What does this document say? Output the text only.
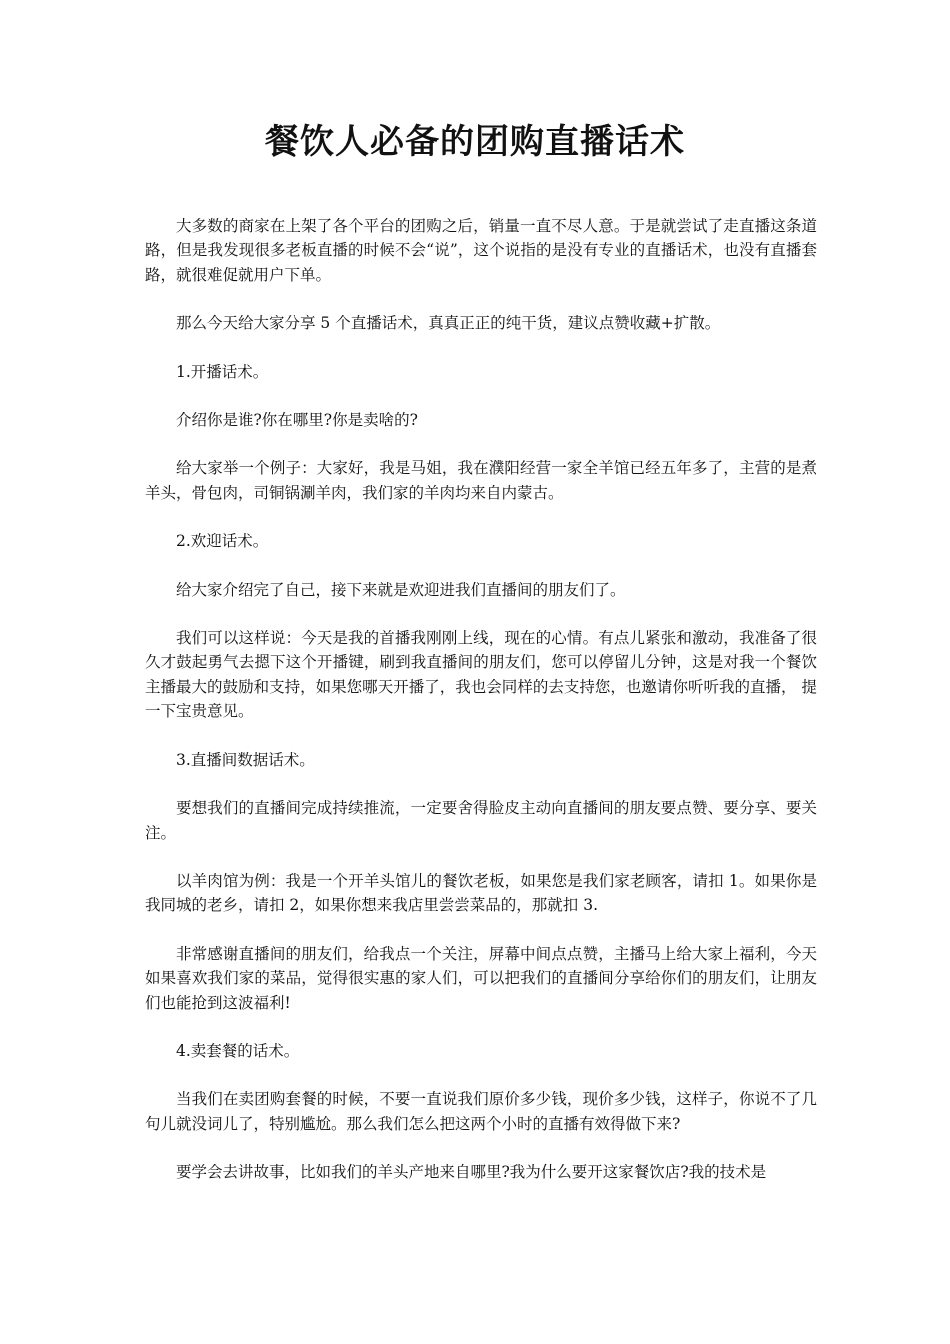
餐饮人必备的团购直播话术

大多数的商家在上架了各个平台的团购之后，销量一直不尽人意。于是就尝试了走直播这条道路，但是我发现很多老板直播的时候不会“说”，这个说指的是没有专业的直播话术，也没有直播套路，就很难促就用户下单。

那么今天给大家分享 5 个直播话术，真真正正的纯干货，建议点赞收藏+扩散。

1.开播话术。

介绍你是谁?你在哪里?你是卖啥的?

给大家举一个例子：大家好，我是马姐，我在濮阳经营一家全羊馆已经五年多了，主营的是煮羊头，骨包肉，司铜锅涮羊肉，我们家的羊肉均来自内蒙古。

2.欢迎话术。

给大家介绍完了自己，接下来就是欢迎进我们直播间的朋友们了。

我们可以这样说：今天是我的首播我刚刚上线，现在的心情。有点儿紧张和激动，我准备了很久才鼓起勇气去摁下这个开播键，刷到我直播间的朋友们，您可以停留儿分钟，这是对我一个餐饮主播最大的鼓励和支持，如果您哪天开播了，我也会同样的去支持您，也邀请你听听我的直播， 提一下宝贵意见。

3.直播间数据话术。

要想我们的直播间完成持续推流，一定要舍得脸皮主动向直播间的朋友要点赞、要分享、要关注。

以羊肉馆为例：我是一个开羊头馆儿的餐饮老板，如果您是我们家老顾客，请扣 1。如果你是我同城的老乡，请扣 2，如果你想来我店里尝尝菜品的，那就扣 3.

非常感谢直播间的朋友们，给我点一个关注，屏幕中间点点赞，主播马上给大家上福利，今天如果喜欢我们家的菜品，觉得很实惠的家人们，可以把我们的直播间分享给你们的朋友们，让朋友们也能抢到这波福利!

4.卖套餐的话术。

当我们在卖团购套餐的时候，不要一直说我们原价多少钱，现价多少钱，这样子，你说不了几句儿就没词儿了，特别尴尬。那么我们怎么把这两个小时的直播有效得做下来?

要学会去讲故事，比如我们的羊头产地来自哪里?我为什么要开这家餐饮店?我的技术是
